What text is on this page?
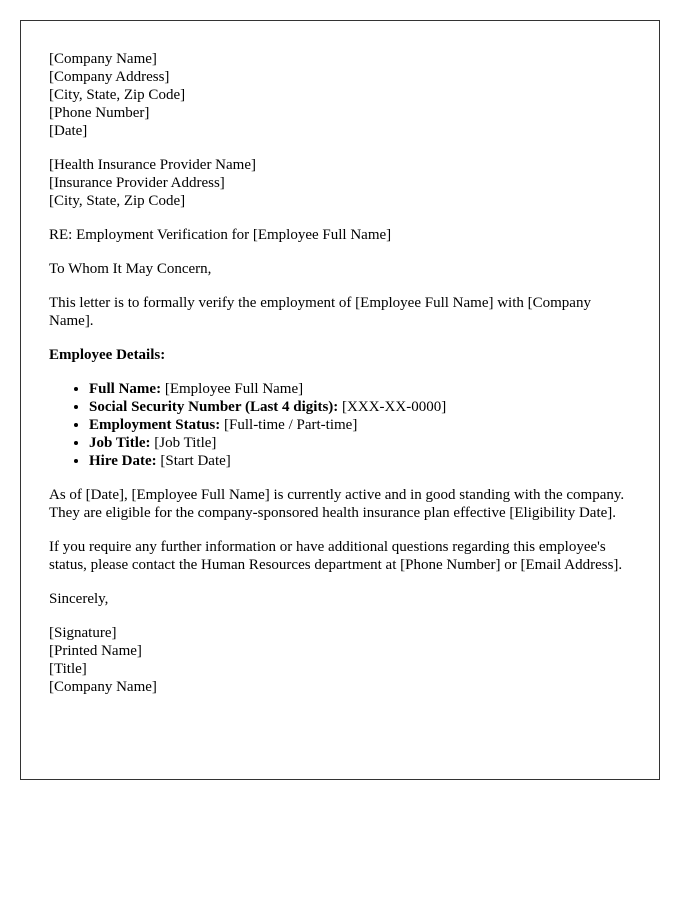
[Company Name]
[Company Address]
[City, State, Zip Code]
[Phone Number]
[Date]
[Health Insurance Provider Name]
[Insurance Provider Address]
[City, State, Zip Code]

RE: Employment Verification for [Employee Full Name]

To Whom It May Concern,

This letter is to formally verify the employment of [Employee Full Name] with [Company Name].

Employee Details:

• Full Name: [Employee Full Name]
• Social Security Number (Last 4 digits): [XXX-XX-0000]
• Employment Status: [Full-time / Part-time]
• Job Title: [Job Title]
• Hire Date: [Start Date]

As of [Date], [Employee Full Name] is currently active and in good standing with the company. They are eligible for the company-sponsored health insurance plan effective [Eligibility Date].

If you require any further information or have additional questions regarding this employee's status, please contact the Human Resources department at [Phone Number] or [Email Address].

Sincerely,

[Signature]
[Printed Name]
[Title]
[Company Name]
